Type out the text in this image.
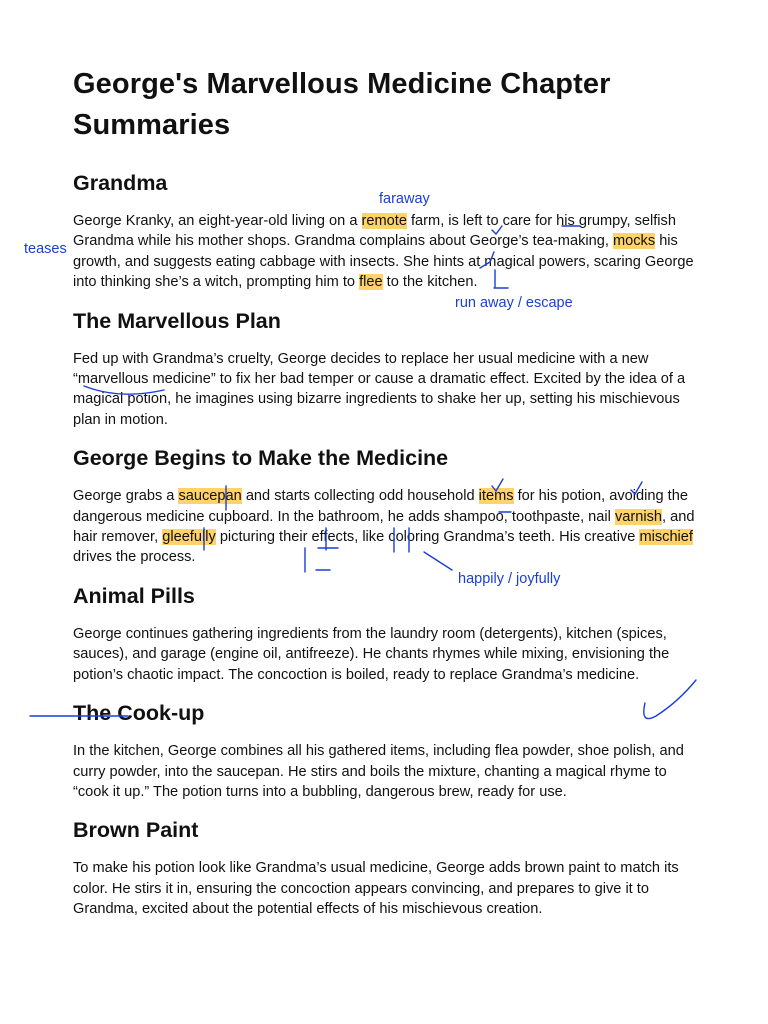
George's Marvellous Medicine Chapter Summaries
Grandma

George Kranky, an eight-year-old living on a remote farm, is left to care for his grumpy, selfish Grandma while his mother shops. Grandma complains about George’s tea-making, mocks his growth, and suggests eating cabbage with insects. She hints at magical powers, scaring George into thinking she’s a witch, prompting him to flee to the kitchen.

The Marvellous Plan

Fed up with Grandma’s cruelty, George decides to replace her usual medicine with a new “marvellous medicine” to fix her bad temper or cause a dramatic effect. Excited by the idea of a magical potion, he imagines using bizarre ingredients to shake her up, setting his mischievous plan in motion.

George Begins to Make the Medicine

George grabs a saucepan and starts collecting odd household items for his potion, avoiding the dangerous medicine cupboard. In the bathroom, he adds shampoo, toothpaste, nail varnish, and hair remover, gleefully picturing their effects, like coloring Grandma’s teeth. His creative mischief drives the process.

Animal Pills

George continues gathering ingredients from the laundry room (detergents), kitchen (spices, sauces), and garage (engine oil, antifreeze). He chants rhymes while mixing, envisioning the potion’s chaotic impact. The concoction is boiled, ready to replace Grandma’s medicine.

The Cook-up

In the kitchen, George combines all his gathered items, including flea powder, shoe polish, and curry powder, into the saucepan. He stirs and boils the mixture, chanting a magical rhyme to “cook it up.” The potion turns into a bubbling, dangerous brew, ready for use.

Brown Paint

To make his potion look like Grandma’s usual medicine, George adds brown paint to match its color. He stirs it in, ensuring the concoction appears convincing, and prepares to give it to Grandma, excited about the potential effects of his mischievous creation.

faraway
teases
run away / escape
happily / joyfully
